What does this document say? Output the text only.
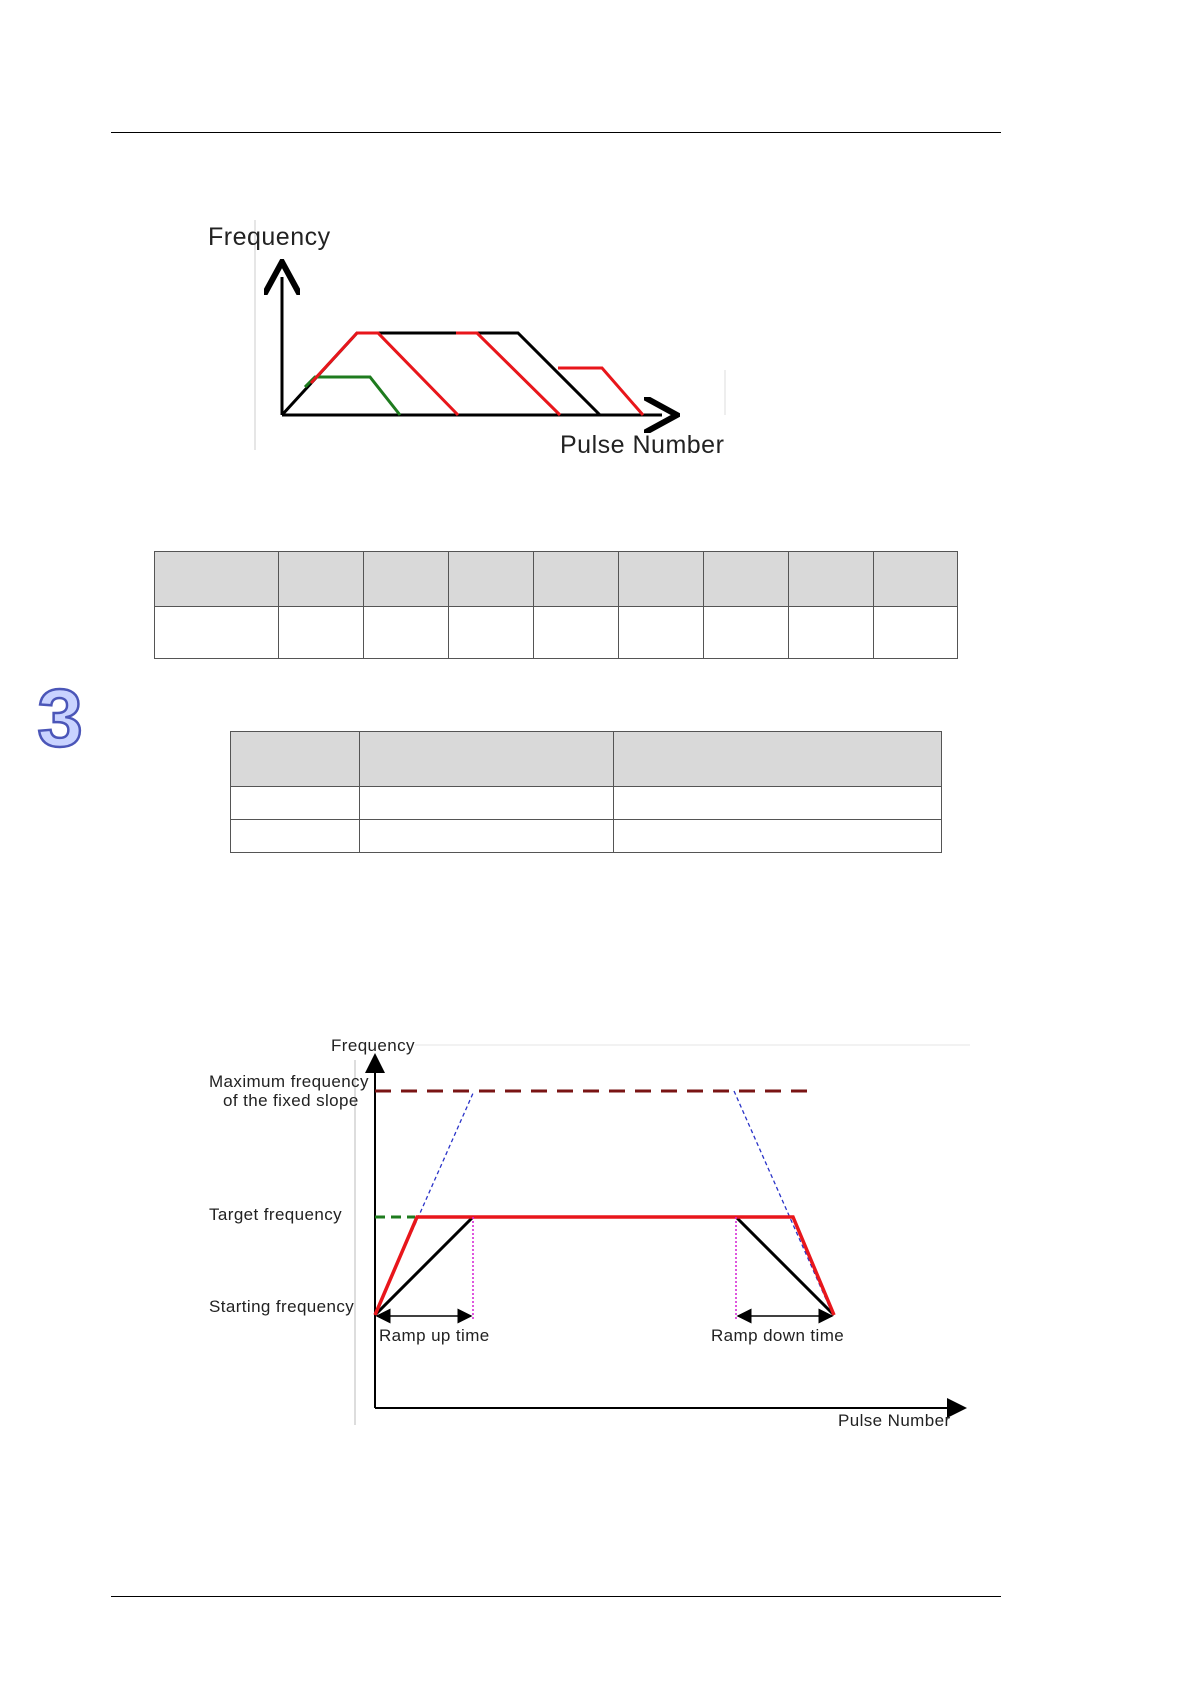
Frequency
Pulse Number

3

Frequency
Maximum frequency
of the fixed slope
Target frequency
Starting frequency
Ramp up time	Ramp down time
Pulse Number
